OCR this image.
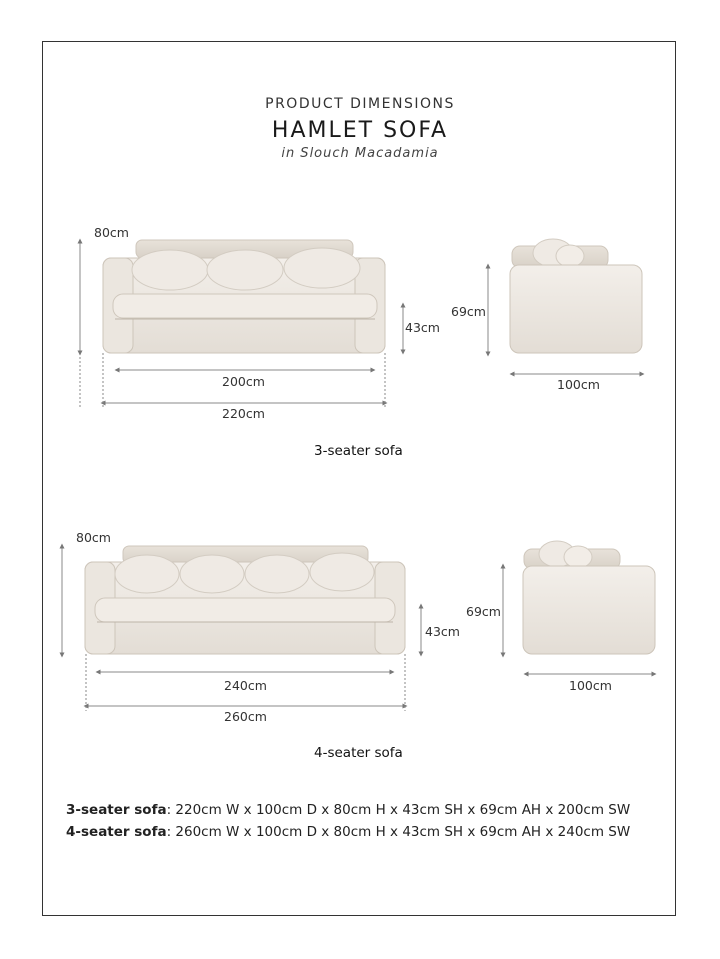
PRODUCT DIMENSIONS
HAMLET SOFA
in Slouch Macadamia
80cm
43cm
200cm
220cm
69cm
100cm
3-seater sofa
80cm
43cm
240cm
260cm
69cm
100cm
4-seater sofa
3-seater sofa: 220cm W x 100cm D x 80cm H x 43cm SH x 69cm AH x 200cm SW
4-seater sofa: 260cm W x 100cm D x 80cm H x 43cm SH x 69cm AH x 240cm SW
